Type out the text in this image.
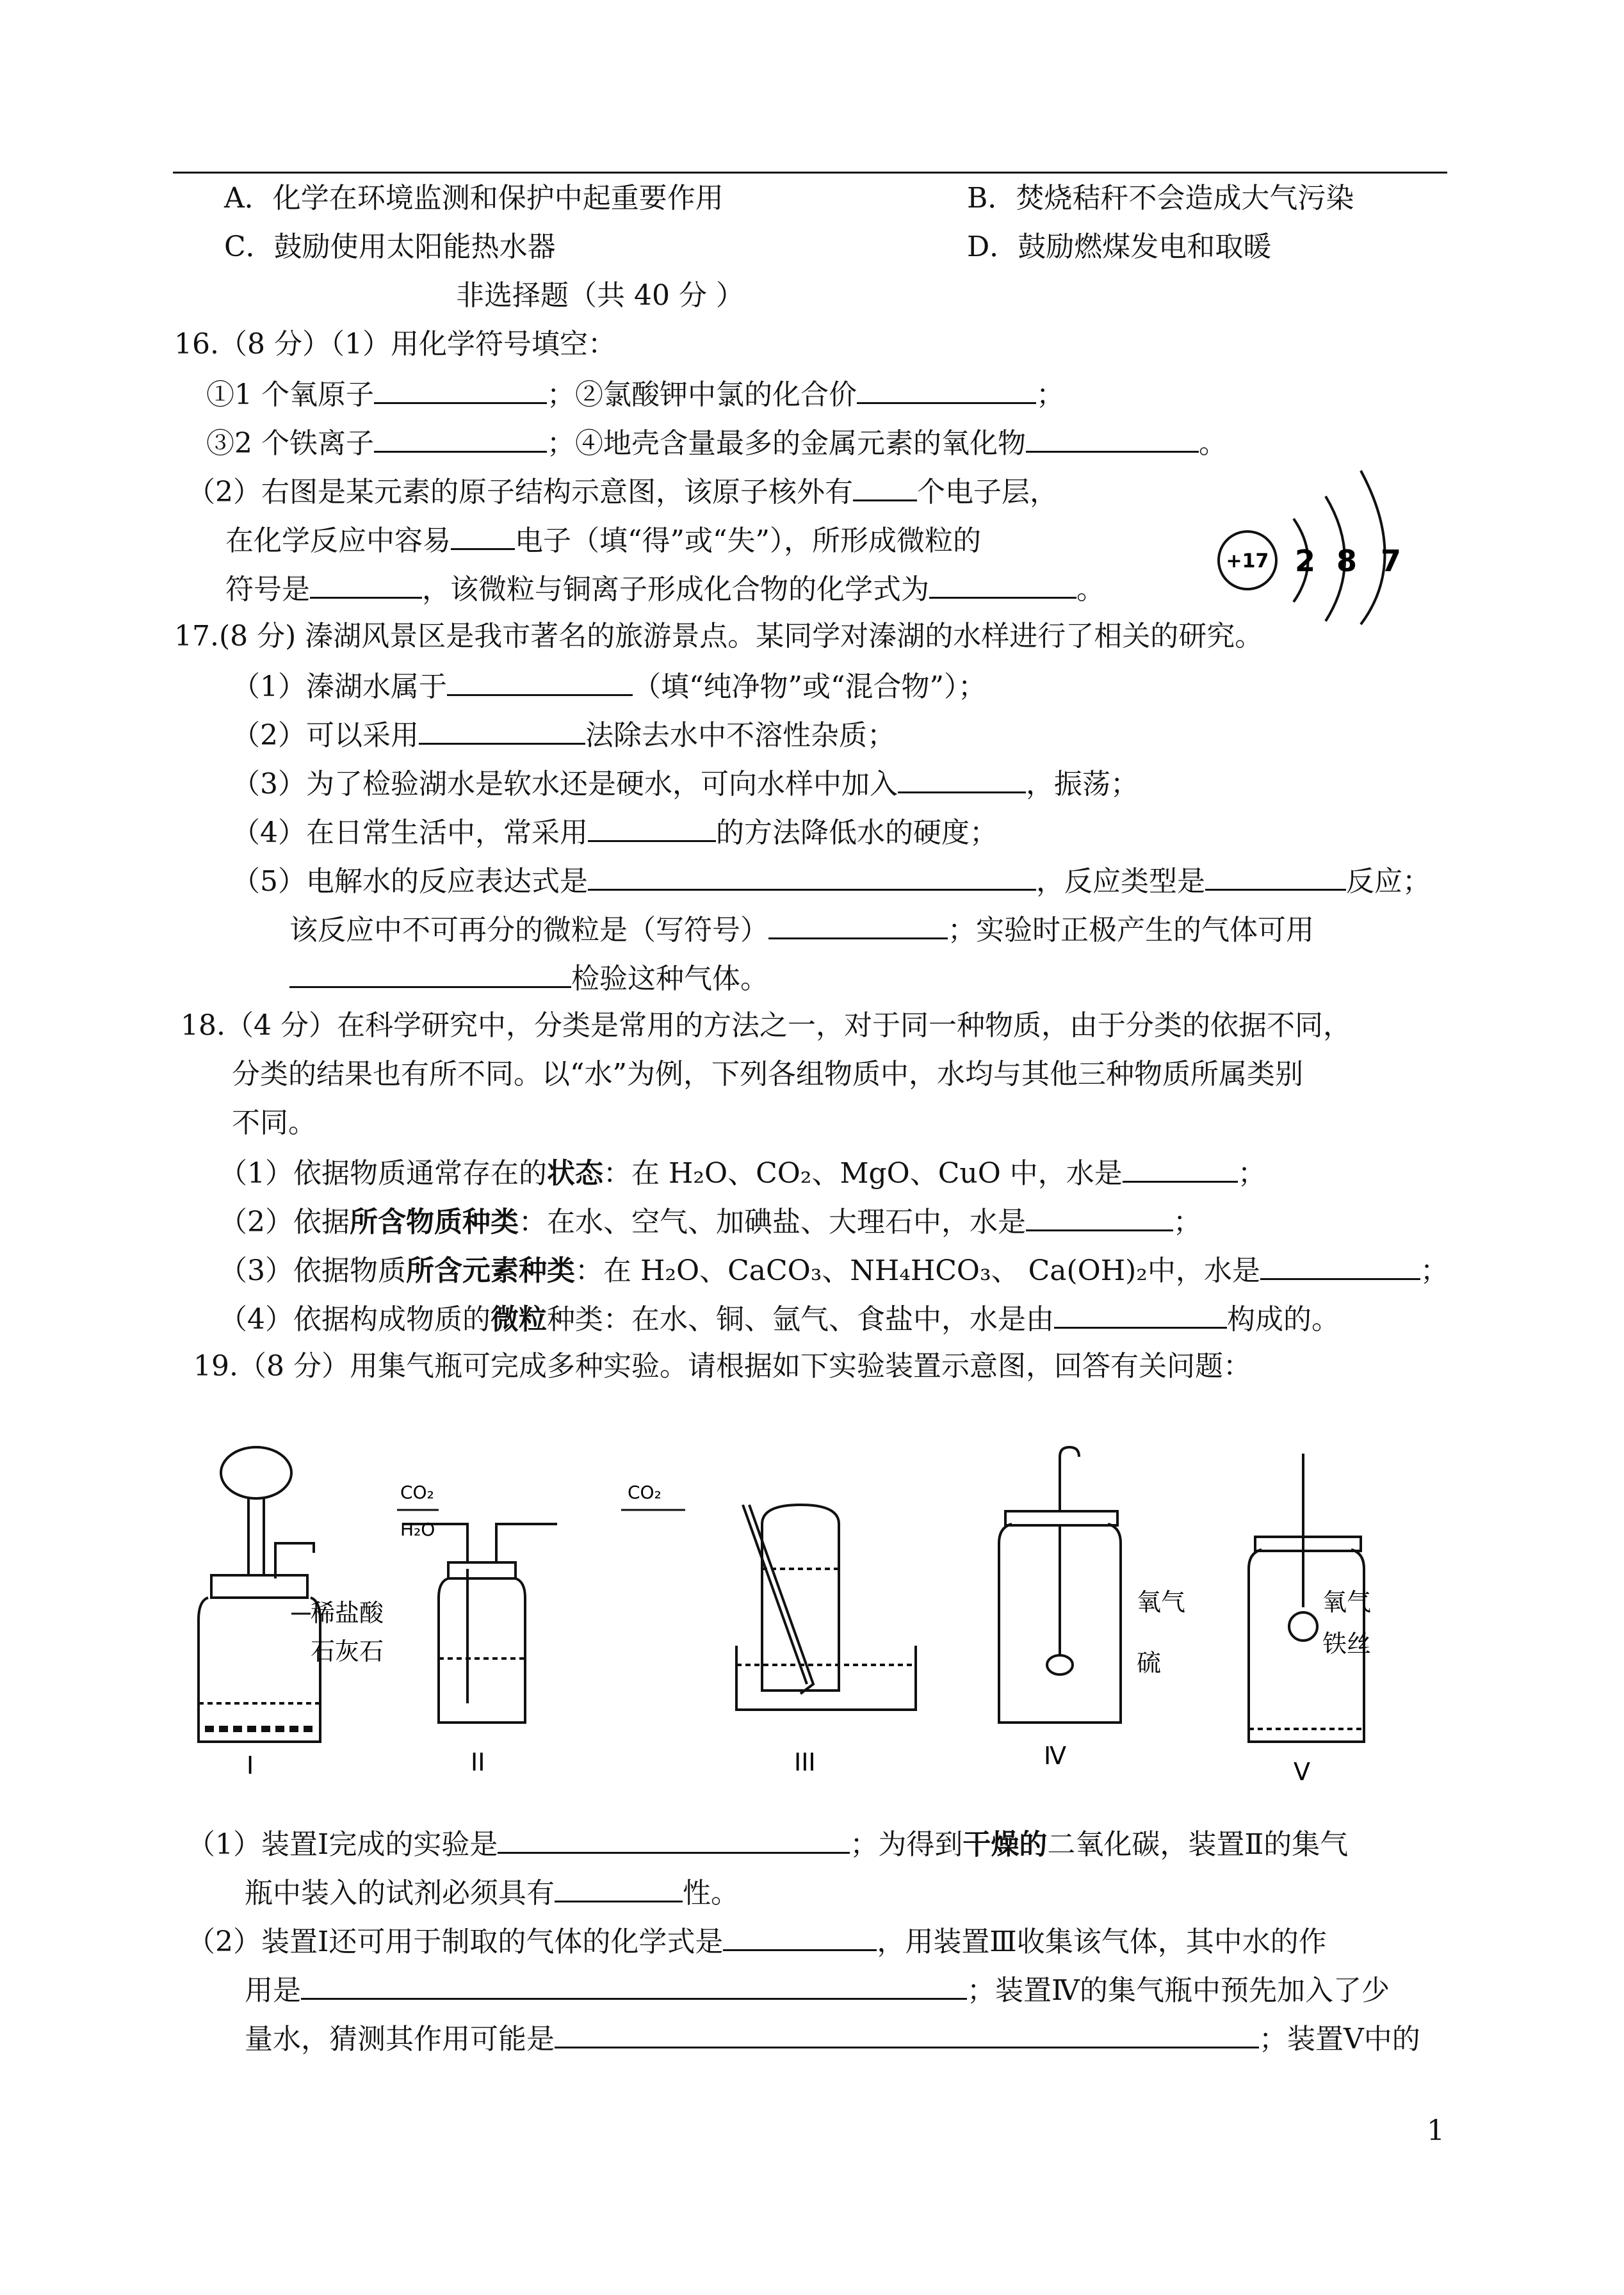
A．化学在环境监测和保护中起重要作用	B．焚烧秸秆不会造成大气污染
C．鼓励使用太阳能热水器	D．鼓励燃煤发电和取暖
非选择题（共 40 分 ）
16.（8 分）（1）用化学符号填空：
①1 个氧原子	；②氯酸钾中氯的化合价	；
③2 个铁离子	；④地壳含量最多的金属元素的氧化物	。
（2）右图是某元素的原子结构示意图，该原子核外有 个电子层，
在化学反应中容易 电子（填“得”或“失”），所形成微粒的
符号是	，该微粒与铜离子形成化合物的化学式为	。
+17 2 8 7
17.(8 分) 溱湖风景区是我市著名的旅游景点。某同学对溱湖的水样进行了相关的研究。
（1）溱湖水属于	（填“纯净物”或“混合物”）；
（2）可以采用	法除去水中不溶性杂质；
（3）为了检验湖水是软水还是硬水，可向水样中加入	，振荡；
（4）在日常生活中，常采用	的方法降低水的硬度；
（5）电解水的反应表达式是	，反应类型是	反应；
该反应中不可再分的微粒是（写符号）	；实验时正极产生的气体可用
检验这种气体。
18.（4 分）在科学研究中，分类是常用的方法之一，对于同一种物质，由于分类的依据不同，
分类的结果也有所不同。以“水”为例，下列各组物质中，水均与其他三种物质所属类别
不同。
（1）依据物质通常存在的状态：在 H₂O、CO₂、MgO、CuO 中，水是	；
（2）依据所含物质种类：在水、空气、加碘盐、大理石中，水是	；
（3）依据物质所含元素种类：在 H₂O、CaCO₃、NH₄HCO₃、 Ca(OH)₂中，水是	；
（4）依据构成物质的微粒种类：在水、铜、氩气、食盐中，水是由	构成的。
19.（8 分）用集气瓶可完成多种实验。请根据如下实验装置示意图，回答有关问题：
稀盐酸
石灰石
I
CO₂
H₂O
CO₂
II	III
氧气
硫
Ⅳ
氧气
铁丝
V
（1）装置Ⅰ完成的实验是	；为得到干燥的二氧化碳，装置Ⅱ的集气
瓶中装入的试剂必须具有	性。
（2）装置Ⅰ还可用于制取的气体的化学式是	，用装置Ⅲ收集该气体，其中水的作
用是	；装置Ⅳ的集气瓶中预先加入了少
量水，猜测其作用可能是	；装置Ⅴ中的
1
